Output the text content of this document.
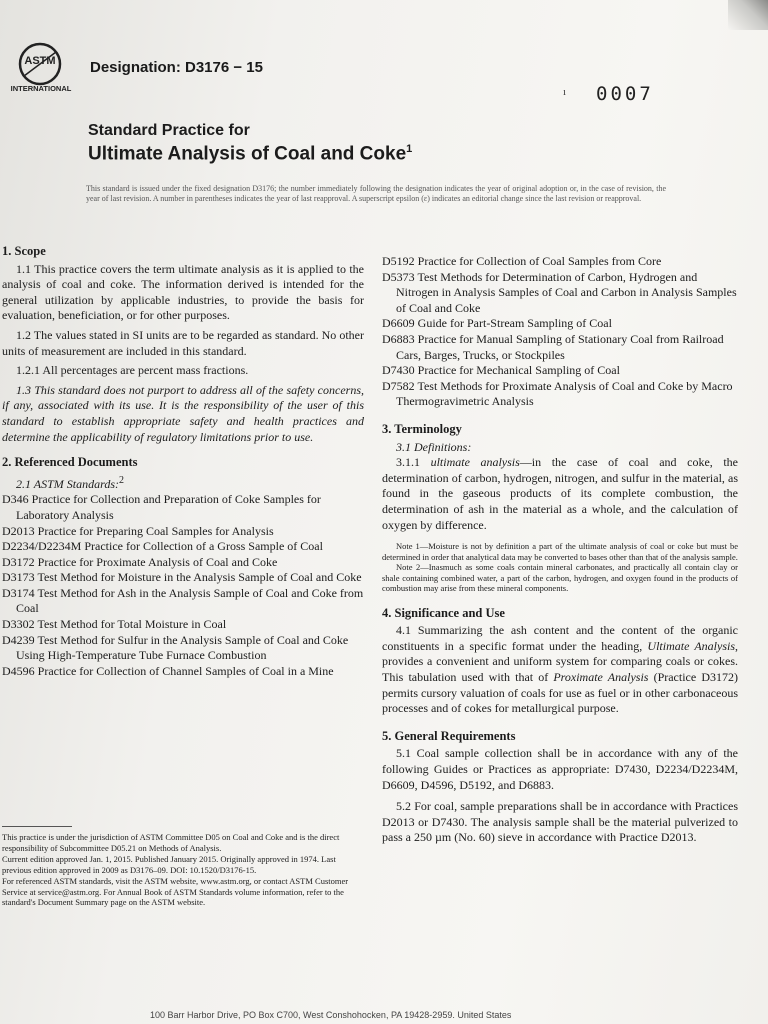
ASTM
INTERNATIONAL
Designation: D3176 − 15
ı 0007
Standard Practice for
Ultimate Analysis of Coal and Coke$^1$
This standard is issued under the fixed designation D3176; the number immediately following the designation indicates the year of original adoption or, in the case of revision, the year of last revision. A number in parentheses indicates the year of last reapproval. A superscript epsilon (ε) indicates an editorial change since the last revision or reapproval.

1. Scope

1.1 This practice covers the term ultimate analysis as it is applied to the analysis of coal and coke. The information derived is intended for the general utilization by applicable industries, to provide the basis for evaluation, beneficiation, or for other purposes.

1.2 The values stated in SI units are to be regarded as standard. No other units of measurement are included in this standard.

1.2.1 All percentages are percent mass fractions.

1.3 This standard does not purport to address all of the safety concerns, if any, associated with its use. It is the responsibility of the user of this standard to establish appropriate safety and health practices and determine the applicability of regulatory limitations prior to use.

2. Referenced Documents

2.1 ASTM Standards:$^2$

D346 Practice for Collection and Preparation of Coke Samples for Laboratory Analysis

D2013 Practice for Preparing Coal Samples for Analysis

D2234/D2234M Practice for Collection of a Gross Sample of Coal

D3172 Practice for Proximate Analysis of Coal and Coke

D3173 Test Method for Moisture in the Analysis Sample of Coal and Coke

D3174 Test Method for Ash in the Analysis Sample of Coal and Coke from Coal

D3302 Test Method for Total Moisture in Coal

D4239 Test Method for Sulfur in the Analysis Sample of Coal and Coke Using High-Temperature Tube Furnace Combustion

D4596 Practice for Collection of Channel Samples of Coal in a Mine

This practice is under the jurisdiction of ASTM Committee D05 on Coal and Coke and is the direct responsibility of Subcommittee D05.21 on Methods of Analysis.

Current edition approved Jan. 1, 2015. Published January 2015. Originally approved in 1974. Last previous edition approved in 2009 as D3176–09. DOI: 10.1520/D3176-15.

For referenced ASTM standards, visit the ASTM website, www.astm.org, or contact ASTM Customer Service at service@astm.org. For Annual Book of ASTM Standards volume information, refer to the standard's Document Summary page on the ASTM website.

D5192 Practice for Collection of Coal Samples from Core

D5373 Test Methods for Determination of Carbon, Hydrogen and Nitrogen in Analysis Samples of Coal and Carbon in Analysis Samples of Coal and Coke

D6609 Guide for Part-Stream Sampling of Coal

D6883 Practice for Manual Sampling of Stationary Coal from Railroad Cars, Barges, Trucks, or Stockpiles

D7430 Practice for Mechanical Sampling of Coal

D7582 Test Methods for Proximate Analysis of Coal and Coke by Macro Thermogravimetric Analysis

3. Terminology

3.1 Definitions:

3.1.1 ultimate analysis—in the case of coal and coke, the determination of carbon, hydrogen, nitrogen, and sulfur in the material, as found in the gaseous products of its complete combustion, the determination of ash in the material as a whole, and the calculation of oxygen by difference.

Note 1—Moisture is not by definition a part of the ultimate analysis of coal or coke but must be determined in order that analytical data may be converted to bases other than that of the analysis sample.

Note 2—Inasmuch as some coals contain mineral carbonates, and practically all contain clay or shale containing combined water, a part of the carbon, hydrogen, and oxygen found in the products of combustion may arise from these mineral components.

4. Significance and Use

4.1 Summarizing the ash content and the content of the organic constituents in a specific format under the heading, Ultimate Analysis, provides a convenient and uniform system for comparing coals or cokes. This tabulation used with that of Proximate Analysis (Practice D3172) permits cursory valuation of coals for use as fuel or in other carbonaceous processes and of cokes for metallurgical purpose.

5. General Requirements

5.1 Coal sample collection shall be in accordance with any of the following Guides or Practices as appropriate: D7430, D2234/D2234M, D6609, D4596, D5192, and D6883.

5.2 For coal, sample preparations shall be in accordance with Practices D2013 or D7430. The analysis sample shall be the material pulverized to pass a 250 µm (No. 60) sieve in accordance with Practice D2013.

100 Barr Harbor Drive, PO Box C700, West Conshohocken, PA 19428-2959. United States
